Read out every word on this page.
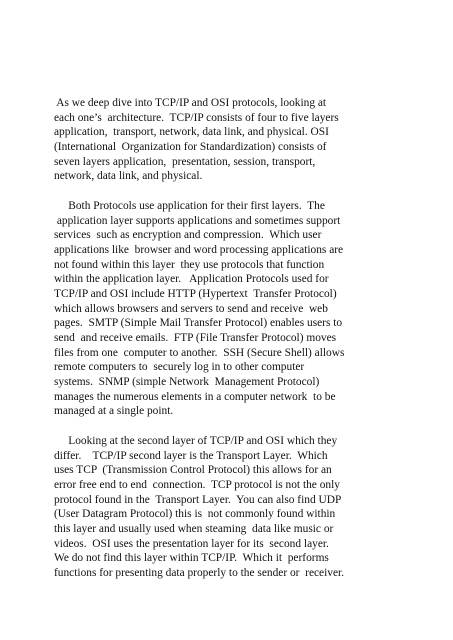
As we deep dive into TCP/IP and OSI protocols, looking at
each one’s  architecture.  TCP/IP consists of four to five layers
application,  transport, network, data link, and physical. OSI
(International  Organization for Standardization) consists of
seven layers application,  presentation, session, transport,
network, data link, and physical.
Both Protocols use application for their first layers.  The
application layer supports applications and sometimes support
services  such as encryption and compression.  Which user
applications like  browser and word processing applications are
not found within this layer  they use protocols that function
within the application layer.   Application Protocols used for
TCP/IP and OSI include HTTP (Hypertext  Transfer Protocol)
which allows browsers and servers to send and receive  web
pages.  SMTP (Simple Mail Transfer Protocol) enables users to
send  and receive emails.  FTP (File Transfer Protocol) moves
files from one  computer to another.  SSH (Secure Shell) allows
remote computers to  securely log in to other computer
systems.  SNMP (simple Network  Management Protocol)
manages the numerous elements in a computer network  to be
managed at a single point.
Looking at the second layer of TCP/IP and OSI which they
differ.    TCP/IP second layer is the Transport Layer.  Which
uses TCP  (Transmission Control Protocol) this allows for an
error free end to end  connection.  TCP protocol is not the only
protocol found in the  Transport Layer.  You can also find UDP
(User Datagram Protocol) this is  not commonly found within
this layer and usually used when steaming  data like music or
videos.  OSI uses the presentation layer for its  second layer.
We do not find this layer within TCP/IP.  Which it  performs
functions for presenting data properly to the sender or  receiver.
